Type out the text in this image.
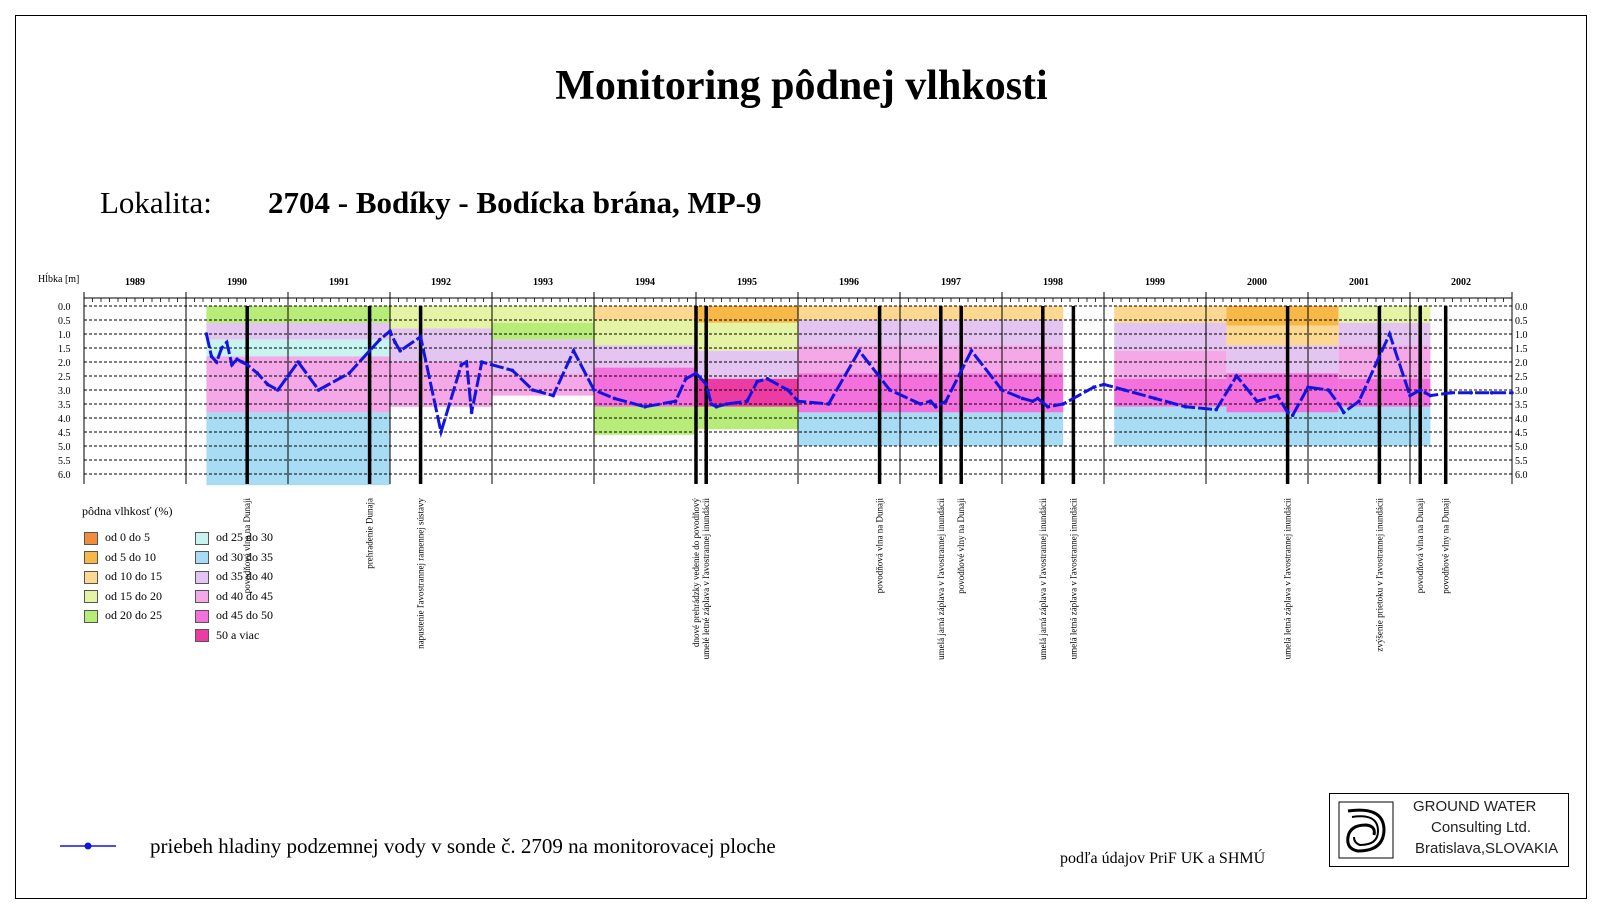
Monitoring pôdnej vlhkosti
Lokalita: 2704 - Bodíky - Bodícka brána, MP-9
0.0	0.0
0.5	0.5
1.0	1.0
1.5	1.5
2.0	2.0
2.5	2.5
3.0	3.0
3.5	3.5
4.0	4.0
4.5	4.5
5.0	5.0
5.5	5.5
6.0	6.0
1989	1990	1991	1992	1993	1994	1995	1996	1997	1998	1999	2000	2001	2002
povodňová vlna na Dunaji	prehradenie Dunaja	napustenie ľavostrannej ramennej sústavy	dnové prehrádzky vedenie do povodňový umelé letné záplava v ľavostrannej inundácii	povodňová vlna na Dunaji	umelá jarná záplava v ľavostrannej inundácii povodňové vlny na Dunaji	umelá jarná záplava v ľavostrannej inundácii umelá letná záplava v ľavostrannej inundácii	umelá letná záplava v ľavostrannej inundácii	zvýšenie prietoku v ľavostrannej inundácii	povodňová vlna na Dunaji povodňové vlny na Dunaji
Hĺbka [m]
pôdna vlhkosť (%)
od 0 do 5
od 5 do 10
od 10 do 15
od 15 do 20
od 20 do 25
od 25 do 30
od 30 do 35
od 35 do 40
od 40 do 45
od 45 do 50
50 a viac
priebeh hladiny podzemnej vody v sonde č. 2709 na monitorovacej ploche
podľa údajov PriF UK a SHMÚ
GROUND WATER
Consulting Ltd.
Bratislava,SLOVAKIA
